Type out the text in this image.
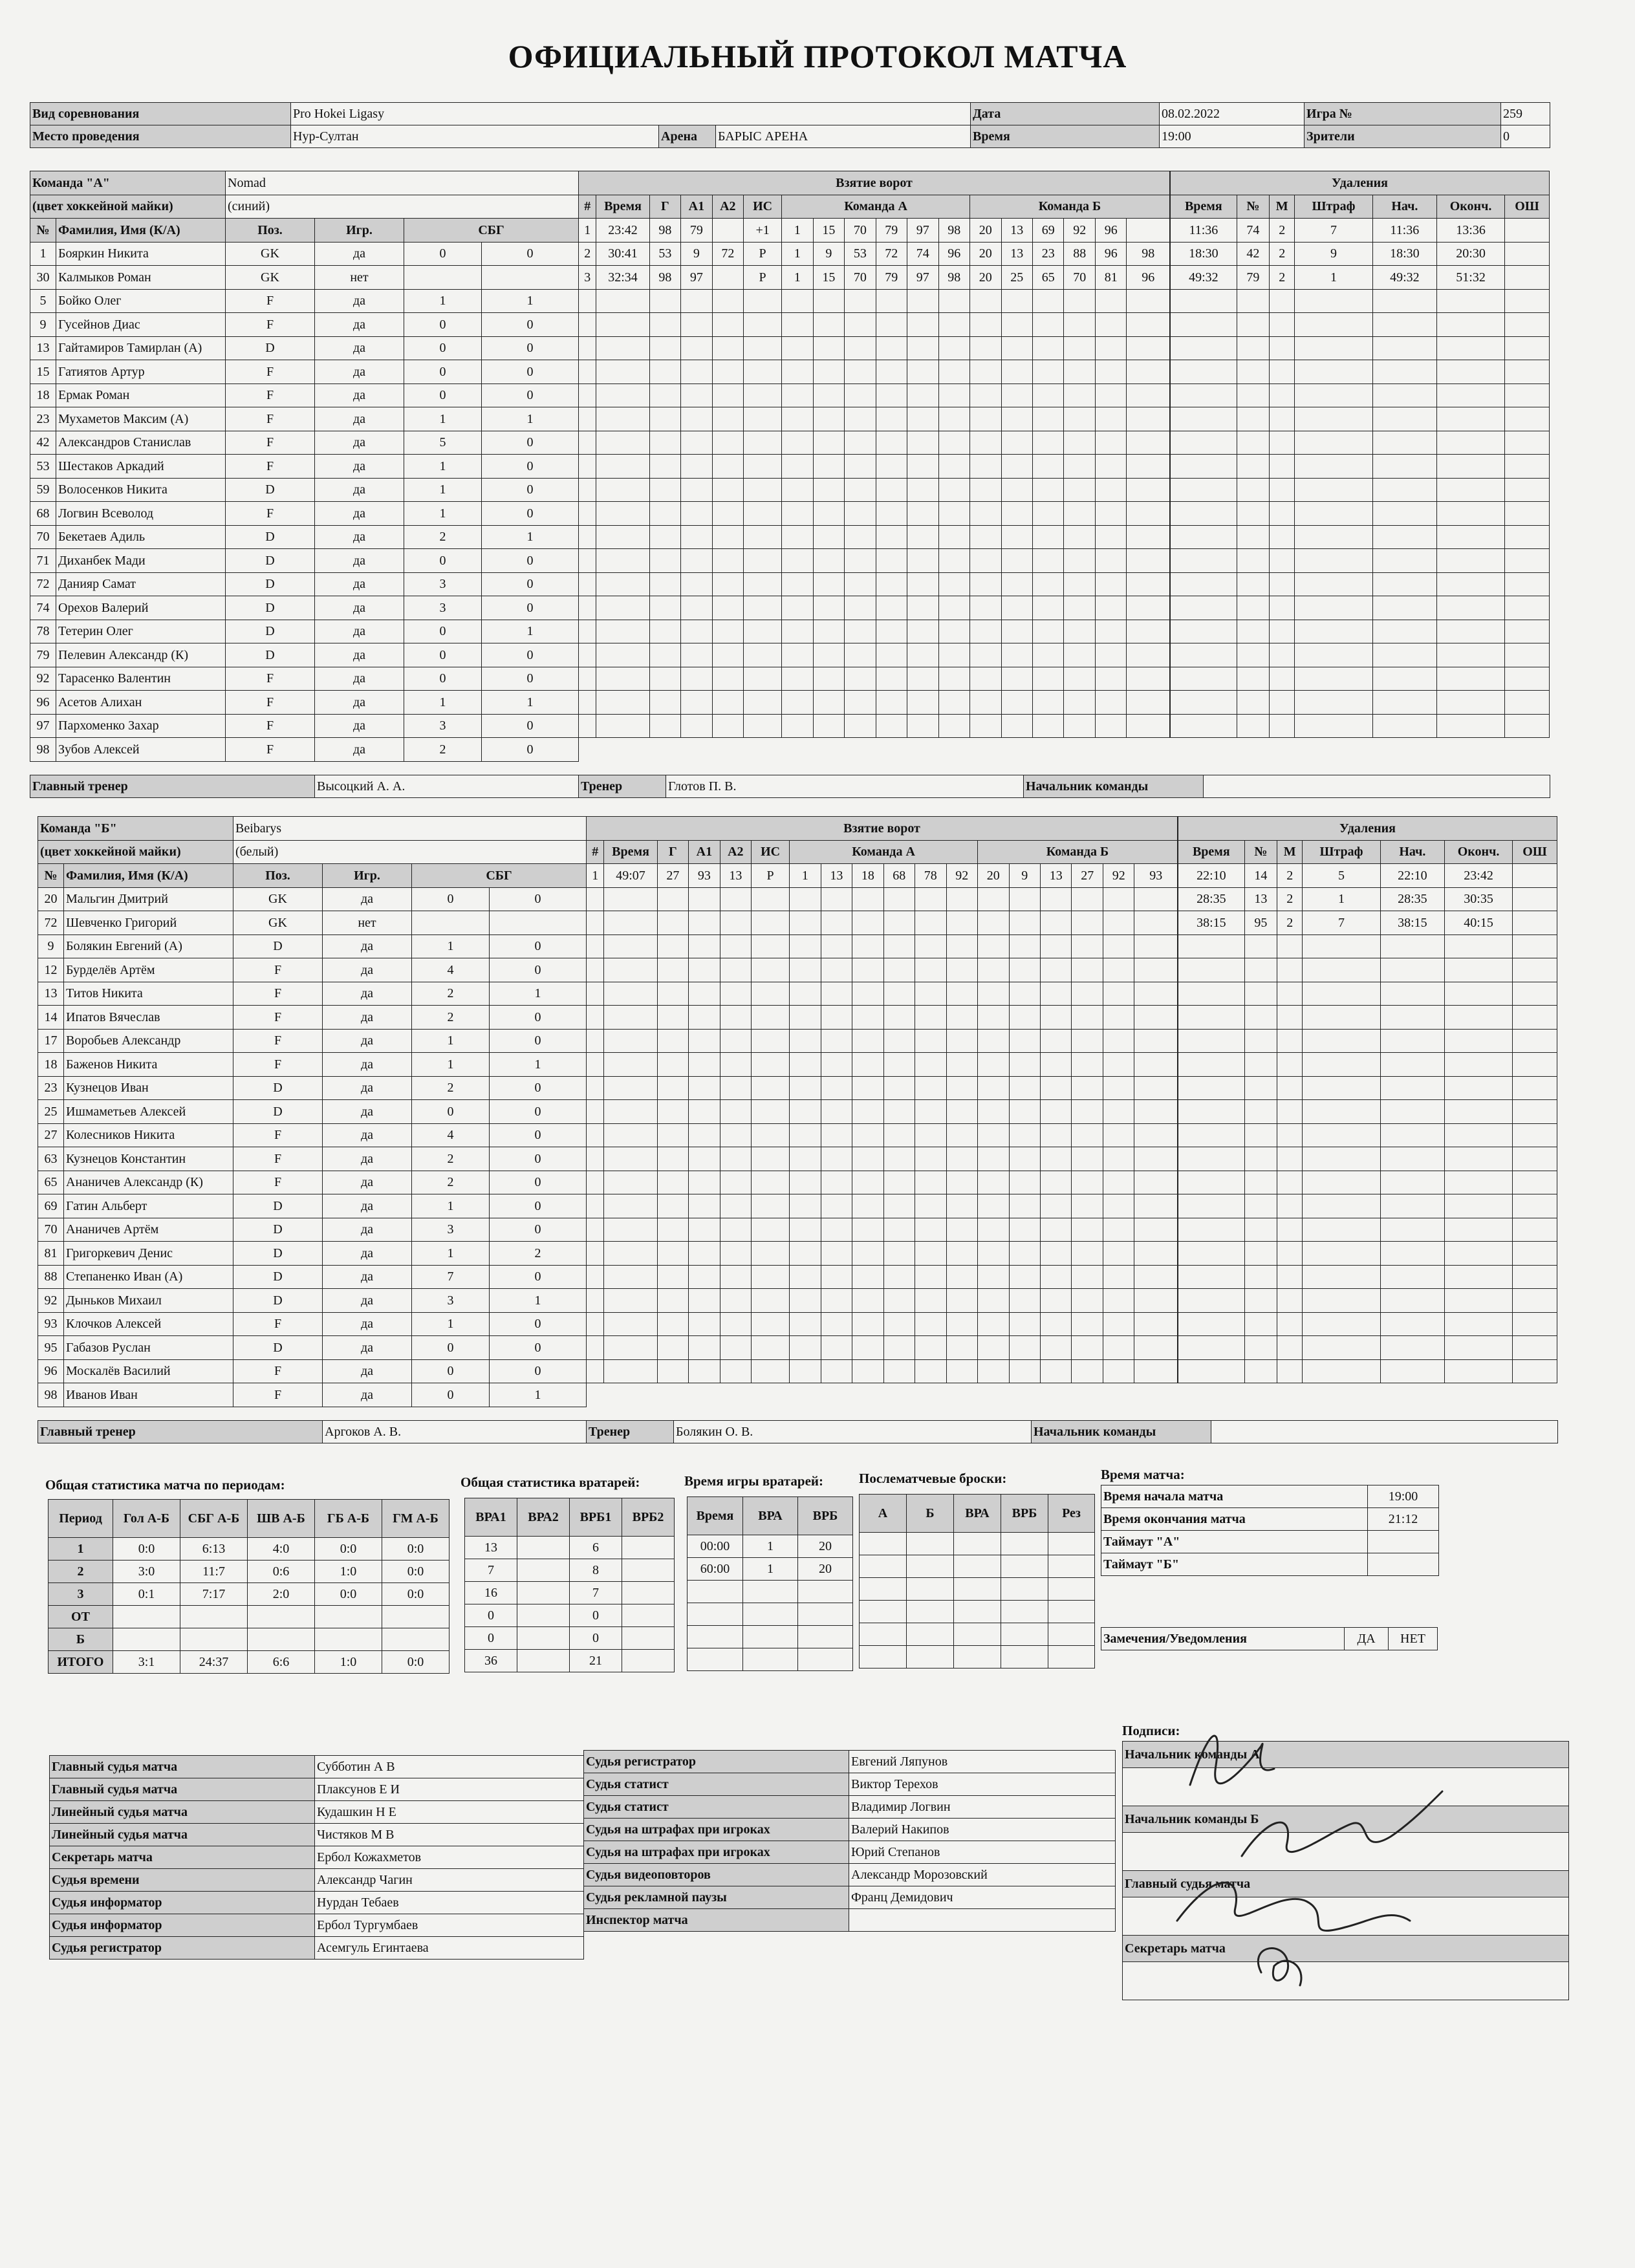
ОФИЦИАЛЬНЫЙ ПРОТОКОЛ МАТЧА
Вид соревнования	Pro Hokei Ligasy			Дата	08.02.2022	Игра №	259
Место проведения	Нур-Султан	Арена	БАРЫС АРЕНА	Время	19:00	Зрители	0
Команда "А"		Nomad			
(цвет хоккейной майки)		(синий)			
№	Фамилия, Имя (К/А)	Поз.	Игр.	СБГ	
1	Бояркин Никита	GK	да	0	0
30	Калмыков Роман	GK	нет		
5	Бойко Олег	F	да	1	1
9	Гусейнов Диас	F	да	0	0
13	Гайтамиров Тамирлан (А)	D	да	0	0
15	Гатиятов Артур	F	да	0	0
18	Ермак Роман	F	да	0	0
23	Мухаметов Максим (А)	F	да	1	1
42	Александров Станислав	F	да	5	0
53	Шестаков Аркадий	F	да	1	0
59	Волосенков Никита	D	да	1	0
68	Логвин Всеволод	F	да	1	0
70	Бекетаев Адиль	D	да	2	1
71	Диханбек Мади	D	да	0	0
72	Данияр Самат	D	да	3	0
74	Орехов Валерий	D	да	3	0
78	Тетерин Олег	D	да	0	1
79	Пелевин Александр (К)	D	да	0	0
92	Тарасенко Валентин	F	да	0	0
96	Асетов Алихан	F	да	1	1
97	Пархоменко Захар	F	да	3	0
98	Зубов Алексей	F	да	2	0
Взятие ворот																	

#	Время	Г	А1	А2	ИС	Команда А						Команда Б					
1	23:42	98	79		+1	1	15	70	79	97	98	20	13	69	92	96	
2	30:41	53	9	72	Р	1	9	53	72	74	96	20	13	23	88	96	98
3	32:34	98	97		Р	1	15	70	79	97	98	20	25	65	70	81	96

Удаления						

Время	№	М	Штраф	Нач.	Оконч.	ОШ
11:36	74	2	7	11:36	13:36	
18:30	42	2	9	18:30	20:30	
49:32	79	2	1	49:32	51:32	

Главный тренер	Высоцкий А. А.	Тренер	Глотов П. В.	Начальник команды	
Команда "Б"		Beibarys			
(цвет хоккейной майки)		(белый)			
№	Фамилия, Имя (К/А)	Поз.	Игр.	СБГ	
20	Мальгин Дмитрий	GK	да	0	0
72	Шевченко Григорий	GK	нет		
9	Болякин Евгений (А)	D	да	1	0
12	Бурделёв Артём	F	да	4	0
13	Титов Никита	F	да	2	1
14	Ипатов Вячеслав	F	да	2	0
17	Воробьев Александр	F	да	1	0
18	Баженов Никита	F	да	1	1
23	Кузнецов Иван	D	да	2	0
25	Ишмаметьев Алексей	D	да	0	0
27	Колесников Никита	F	да	4	0
63	Кузнецов Константин	F	да	2	0
65	Ананичев Александр (К)	F	да	2	0
69	Гатин Альберт	D	да	1	0
70	Ананичев Артём	D	да	3	0
81	Григоркевич Денис	D	да	1	2
88	Степаненко Иван (А)	D	да	7	0
92	Дыньков Михаил	D	да	3	1
93	Клочков Алексей	F	да	1	0
95	Габазов Руслан	D	да	0	0
96	Москалёв Василий	F	да	0	0
98	Иванов Иван	F	да	0	1
Взятие ворот																	

#	Время	Г	А1	А2	ИС	Команда А						Команда Б					
1	49:07	27	93	13	Р	1	13	18	68	78	92	20	9	13	27	92	93

Удаления						

Время	№	М	Штраф	Нач.	Оконч.	ОШ
22:10	14	2	5	22:10	23:42	
28:35	13	2	1	28:35	30:35	
38:15	95	2	7	38:15	40:15	

Главный тренер	Аргоков А. В.	Тренер	Болякин О. В.	Начальник команды	
Общая статистика матча по периодам:	Общая статистика вратарей:	Время игры вратарей:	Послематчевые броски:	Время матча:
Период	Гол А-Б	СБГ А-Б	ШВ А-Б	ГБ А-Б	ГМ А-Б
1	0:0	6:13	4:0	0:0	0:0
2	3:0	11:7	0:6	1:0	0:0
3	0:1	7:17	2:0	0:0	0:0
ОТ					
Б					
ИТОГО	3:1	24:37	6:6	1:0	0:0
ВРА1	ВРА2	ВРБ1	ВРБ2
13		6	
7		8	
16		7	
0		0	
0		0	
36		21	
Время	ВРА	ВРБ
00:00	1	20
60:00	1	20

А	Б	ВРА	ВРБ	Рез

Время начала матча	19:00
Время окончания матча	21:12
Таймаут "А"	
Таймаут "Б"	
Замечения/Уведомления	ДА	НЕТ
Главный судья матча	Субботин А В
Главный судья матча	Плаксунов Е И
Линейный судья матча	Кудашкин Н Е
Линейный судья матча	Чистяков М В
Секретарь матча	Ербол Кожахметов
Судья времени	Александр Чагин
Судья информатор	Нурдан Тебаев
Судья информатор	Ербол Тургумбаев
Судья регистратор	Асемгуль Егинтаева
Судья регистратор	Евгений Ляпунов
Судья статист	Виктор Терехов
Судья статист	Владимир Логвин
Судья на штрафах при игроках	Валерий Накипов
Судья на штрафах при игроках	Юрий Степанов
Судья видеоповторов	Александр Морозовский
Судья рекламной паузы	Франц Демидович
Инспектор матча	
Подписи:
Начальник команды А

Начальник команды Б

Главный судья матча

Секретарь матча
